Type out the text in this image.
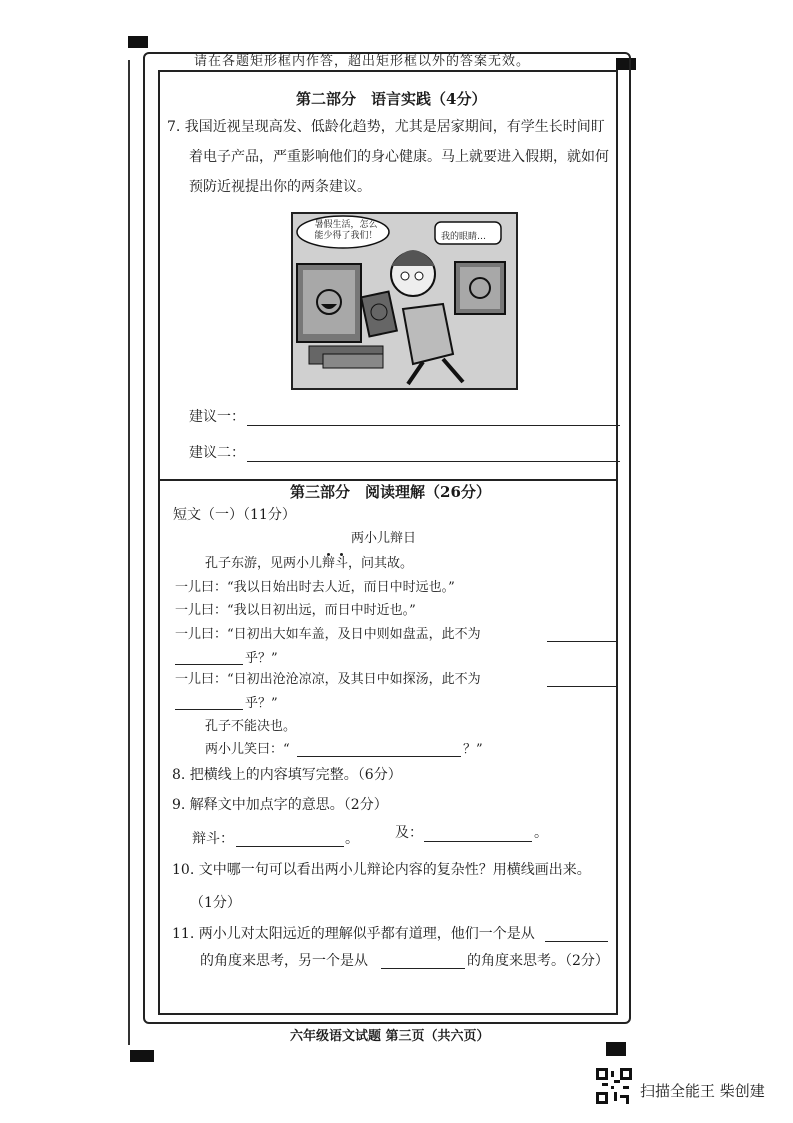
请在各题矩形框内作答，超出矩形框以外的答案无效。
第二部分　语言实践（4分）
7. 我国近视呈现高发、低龄化趋势，尤其是居家期间，有学生长时间盯
着电子产品，严重影响他们的身心健康。马上就要进入假期，就如何
预防近视提出你的两条建议。
暑假生活，怎么能少得了我们！	我的眼睛…
建议一：
建议二：
第三部分　阅读理解（26分）
短文（一）（11分）
两小儿辩日
孔子东游，见两小儿辩斗，问其故。
一儿曰：“我以日始出时去人近，而日中时远也。”
一儿曰：“我以日初出远，而日中时近也。”
一儿曰：“日初出大如车盖，及日中则如盘盂，此不为
乎？”
一儿曰：“日初出沧沧凉凉，及其日中如探汤，此不为
乎？”
孔子不能决也。
两小儿笑曰：“	？”
8. 把横线上的内容填写完整。（6分）
9. 解释文中加点字的意思。（2分）
辩斗：	。	及：	。
10. 文中哪一句可以看出两小儿辩论内容的复杂性？用横线画出来。
（1分）
11. 两小儿对太阳远近的理解似乎都有道理，他们一个是从
的角度来思考，另一个是从	的角度来思考。（2分）
六年级语文试题 第三页（共六页）
扫描全能王 柴创建
